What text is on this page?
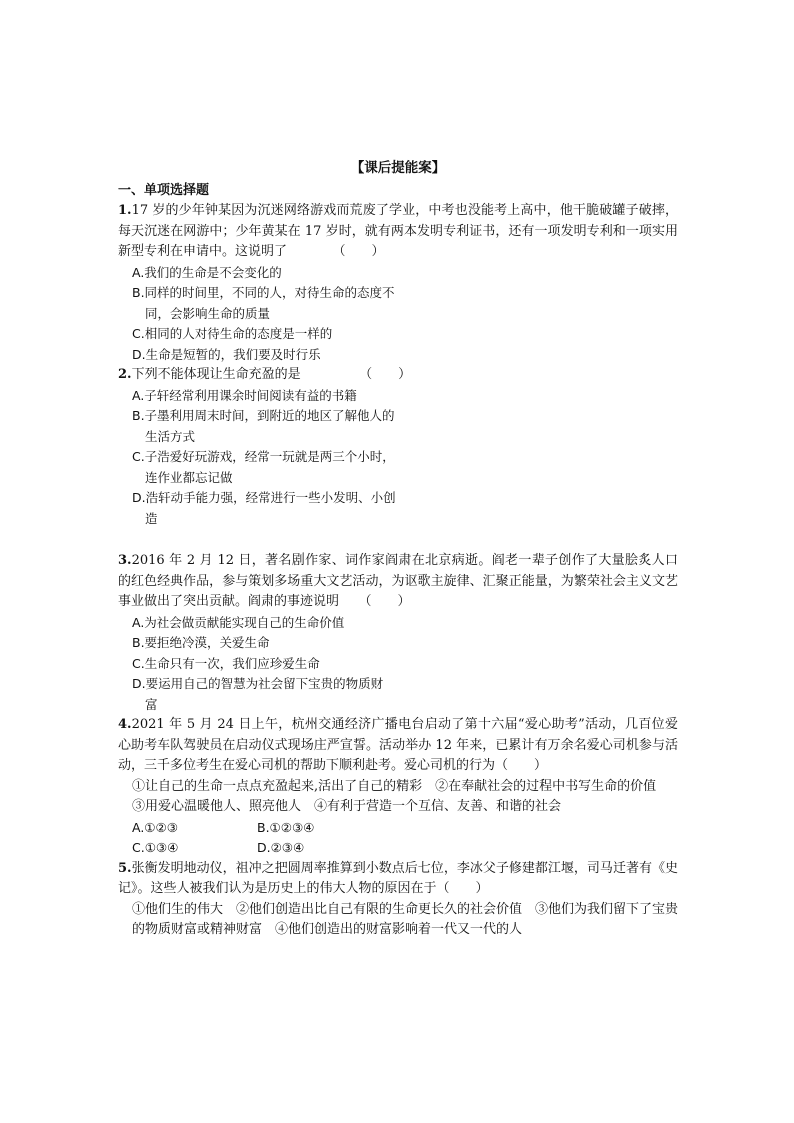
【课后提能案】
一、单项选择题
1.17 岁的少年钟某因为沉迷网络游戏而荒废了学业，中考也没能考上高中，他干脆破罐子破摔，每天沉迷在网游中；少年黄某在 17 岁时，就有两本发明专利证书，还有一项发明专利和一项实用新型专利在申请中。这说明了　　　　（　　）
A.我们的生命是不会变化的
B.同样的时间里，不同的人，对待生命的态度不
同，会影响生命的质量
C.相同的人对待生命的态度是一样的
D.生命是短暂的，我们要及时行乐
2.下列不能体现让生命充盈的是　　　　　（　　）
A.子轩经常利用课余时间阅读有益的书籍
B.子墨利用周末时间，到附近的地区了解他人的
生活方式
C.子浩爱好玩游戏，经常一玩就是两三个小时，
连作业都忘记做
D.浩轩动手能力强，经常进行一些小发明、小创
造
3.2016 年 2 月 12 日，著名剧作家、词作家阎肃在北京病逝。阎老一辈子创作了大量脍炙人口的红色经典作品，参与策划多场重大文艺活动，为讴歌主旋律、汇聚正能量，为繁荣社会主义文艺事业做出了突出贡献。阎肃的事迹说明　　（　　）
A.为社会做贡献能实现自己的生命价值
B.要拒绝冷漠，关爱生命
C.生命只有一次，我们应珍爱生命
D.要运用自己的智慧为社会留下宝贵的物质财
富
4.2021 年 5 月 24 日上午，杭州交通经济广播电台启动了第十六届“爱心助考”活动，几百位爱心助考车队驾驶员在启动仪式现场庄严宣誓。活动举办 12 年来，已累计有万余名爱心司机参与活动，三千多位考生在爱心司机的帮助下顺利赴考。爱心司机的行为（　　）
①让自己的生命一点点充盈起来,活出了自己的精彩　②在奉献社会的过程中书写生命的价值
③用爱心温暖他人、照亮他人　④有利于营造一个互信、友善、和谐的社会
A.①②③	B.①②③④
C.①③④	D.②③④
5.张衡发明地动仪，祖冲之把圆周率推算到小数点后七位，李冰父子修建都江堰，司马迁著有《史记》。这些人被我们认为是历史上的伟大人物的原因在于（　　）
①他们生的伟大　②他们创造出比自己有限的生命更长久的社会价值　③他们为我们留下了宝贵的物质财富或精神财富　④他们创造出的财富影响着一代又一代的人
